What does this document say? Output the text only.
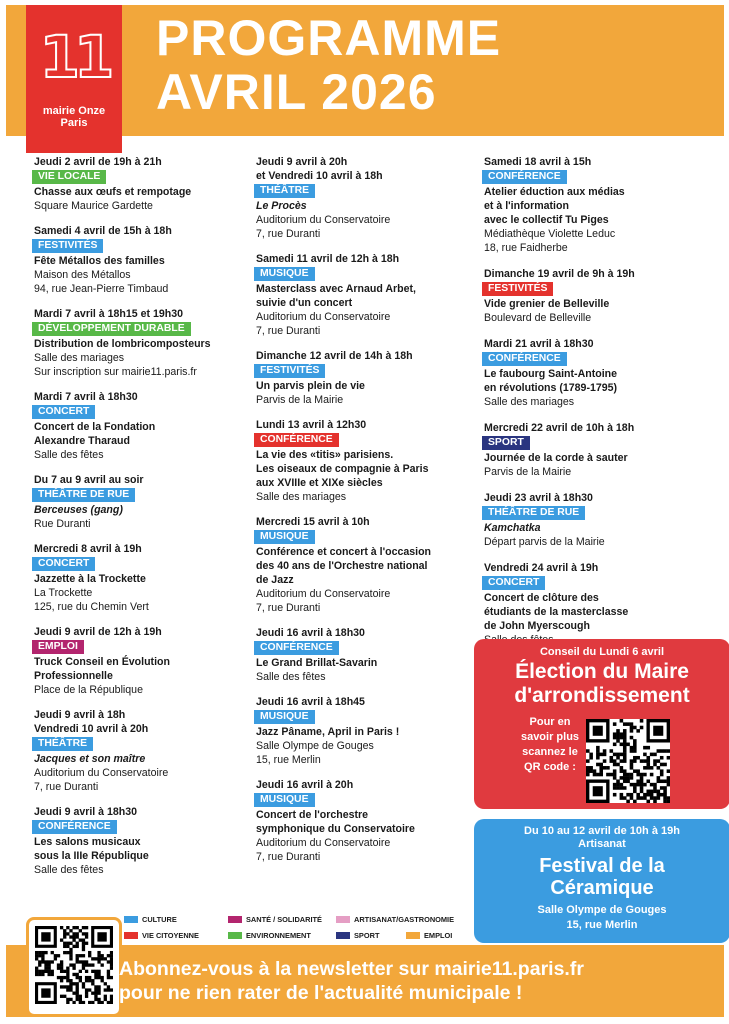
11
mairie Onze
Paris
PROGRAMME
AVRIL 2026
Jeudi 2 avril de 19h à 21h
VIE LOCALE
Chasse aux œufs et rempotage
Square Maurice Gardette
Samedi 4 avril de 15h à 18h
FESTIVITÉS
Fête Métallos des familles
Maison des Métallos
94, rue Jean-Pierre Timbaud
Mardi 7 avril à 18h15 et 19h30
DÉVELOPPEMENT DURABLE
Distribution de lombricomposteurs
Salle des mariages
Sur inscription sur mairie11.paris.fr
Mardi 7 avril à 18h30
CONCERT
Concert de la Fondation
Alexandre Tharaud
Salle des fêtes
Du 7 au 9 avril au soir
THÉÂTRE DE RUE
Berceuses (gang)
Rue Duranti
Mercredi 8 avril à 19h
CONCERT
Jazzette à la Trockette
La Trockette
125, rue du Chemin Vert
Jeudi 9 avril de 12h à 19h
EMPLOI
Truck Conseil en Évolution
Professionnelle
Place de la République
Jeudi 9 avril à 18h
Vendredi 10 avril à 20h
THÉÂTRE
Jacques et son maître
Auditorium du Conservatoire
7, rue Duranti
Jeudi 9 avril à 18h30
CONFÉRENCE
Les salons musicaux
sous la IIIe République
Salle des fêtes
Jeudi 9 avril à 20h
et Vendredi 10 avril à 18h
THÉÂTRE
Le Procès
Auditorium du Conservatoire
7, rue Duranti
Samedi 11 avril de 12h à 18h
MUSIQUE
Masterclass avec Arnaud Arbet,
suivie d'un concert
Auditorium du Conservatoire
7, rue Duranti
Dimanche 12 avril de 14h à 18h
FESTIVITÉS
Un parvis plein de vie
Parvis de la Mairie
Lundi 13 avril à 12h30
CONFÉRENCE
La vie des «titis» parisiens.
Les oiseaux de compagnie à Paris
aux XVIIIe et XIXe siècles
Salle des mariages
Mercredi 15 avril à 10h
MUSIQUE
Conférence et concert à l'occasion
des 40 ans de l'Orchestre national
de Jazz
Auditorium du Conservatoire
7, rue Duranti
Jeudi 16 avril à 18h30
CONFÉRENCE
Le Grand Brillat-Savarin
Salle des fêtes
Jeudi 16 avril à 18h45
MUSIQUE
Jazz Pâname, April in Paris !
Salle Olympe de Gouges
15, rue Merlin
Jeudi 16 avril à 20h
MUSIQUE
Concert de l'orchestre
symphonique du Conservatoire
Auditorium du Conservatoire
7, rue Duranti
Samedi 18 avril à 15h
CONFÉRENCE
Atelier éduction aux médias
et à l'information
avec le collectif Tu Piges
Médiathèque Violette Leduc
18, rue Faidherbe
Dimanche 19 avril de 9h à 19h
FESTIVITÉS
Vide grenier de Belleville
Boulevard de Belleville
Mardi 21 avril à 18h30
CONFÉRENCE
Le faubourg Saint-Antoine
en révolutions (1789-1795)
Salle des mariages
Mercredi 22 avril de 10h à 18h
SPORT
Journée de la corde à sauter
Parvis de la Mairie
Jeudi 23 avril à 18h30
THÉÂTRE DE RUE
Kamchatka
Départ parvis de la Mairie
Vendredi 24 avril à 19h
CONCERT
Concert de clôture des
étudiants de la masterclasse
de John Myerscough
Conseil du Lundi 6 avril
Élection du Maire
d'arrondissement
Pour en savoir plus scannez le QR code :
Du 10 au 12 avril de 10h à 19h
Artisanat
Festival de la
Céramique
Salle Olympe de Gouges
15, rue Merlin
CULTURE	SANTÉ / SOLIDARITÉ	ARTISANAT/GASTRONOMIE
VIE CITOYENNE	ENVIRONNEMENT	SPORT	EMPLOI
Abonnez-vous à la newsletter sur mairie11.paris.fr
pour ne rien rater de l'actualité municipale !
